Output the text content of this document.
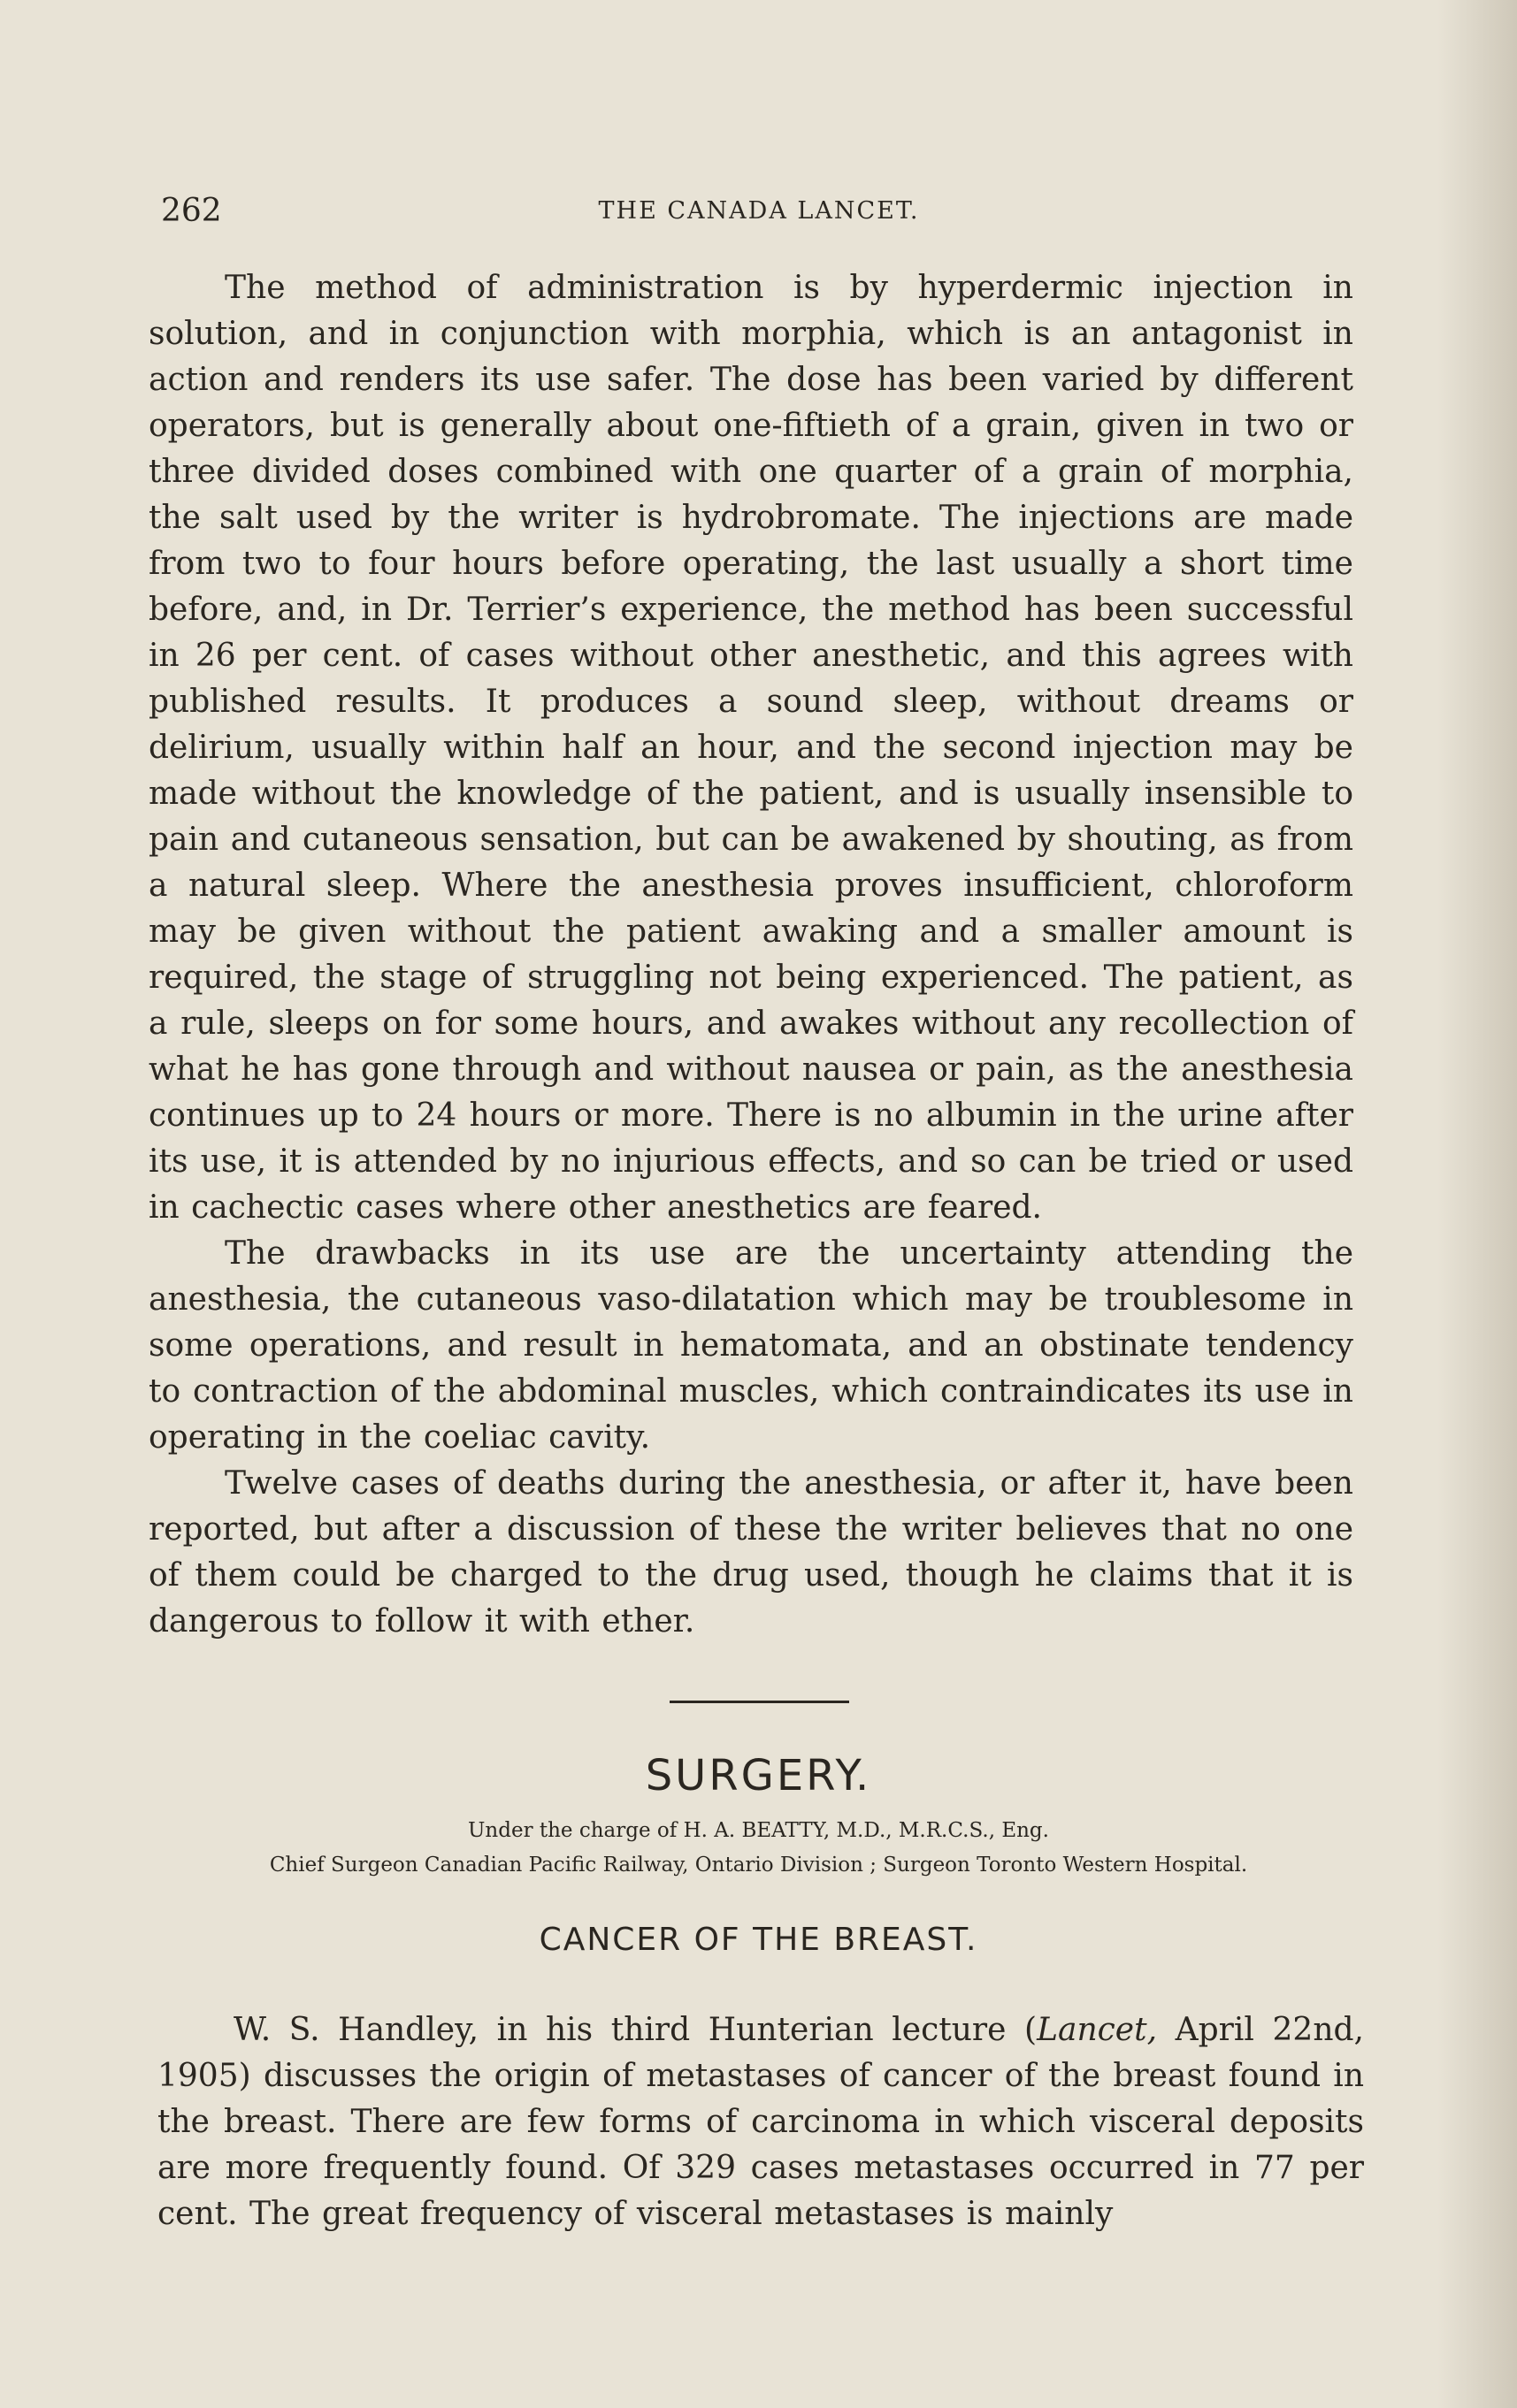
262	THE CANADA LANCET.

The method of administration is by hyperdermic injection in solution, and in conjunction with morphia, which is an antagonist in action and renders its use safer. The dose has been varied by different operators, but is generally about one-fiftieth of a grain, given in two or three divided doses combined with one quarter of a grain of morphia, the salt used by the writer is hydrobromate. The injections are made from two to four hours before operating, the last usually a short time before, and, in Dr. Terrier’s experience, the method has been successful in 26 per cent. of cases without other anesthetic, and this agrees with published results. It produces a sound sleep, without dreams or delirium, usually within half an hour, and the second injection may be made without the knowledge of the patient, and is usually insensible to pain and cutaneous sensation, but can be awakened by shouting, as from a natural sleep. Where the anesthesia proves insufficient, chloroform may be given without the patient awaking and a smaller amount is required, the stage of struggling not being experienced. The patient, as a rule, sleeps on for some hours, and awakes without any recollection of what he has gone through and without nausea or pain, as the anesthesia continues up to 24 hours or more. There is no albumin in the urine after its use, it is attended by no injurious effects, and so can be tried or used in cachectic cases where other anesthetics are feared.

The drawbacks in its use are the uncertainty attending the anesthesia, the cutaneous vaso-dilatation which may be troublesome in some operations, and result in hematomata, and an obstinate tendency to contraction of the abdominal muscles, which contraindicates its use in operating in the coeliac cavity.

Twelve cases of deaths during the anesthesia, or after it, have been reported, but after a discussion of these the writer believes that no one of them could be charged to the drug used, though he claims that it is dangerous to follow it with ether.

SURGERY.
Under the charge of H. A. BEATTY, M.D., M.R.C.S., Eng.
Chief Surgeon Canadian Pacific Railway, Ontario Division ; Surgeon Toronto Western Hospital.
CANCER OF THE BREAST.

W. S. Handley, in his third Hunterian lecture (Lancet, April 22nd, 1905) discusses the origin of metastases of cancer of the breast found in the breast. There are few forms of carcinoma in which visceral deposits are more frequently found. Of 329 cases metastases occurred in 77 per cent. The great frequency of visceral metastases is mainly
